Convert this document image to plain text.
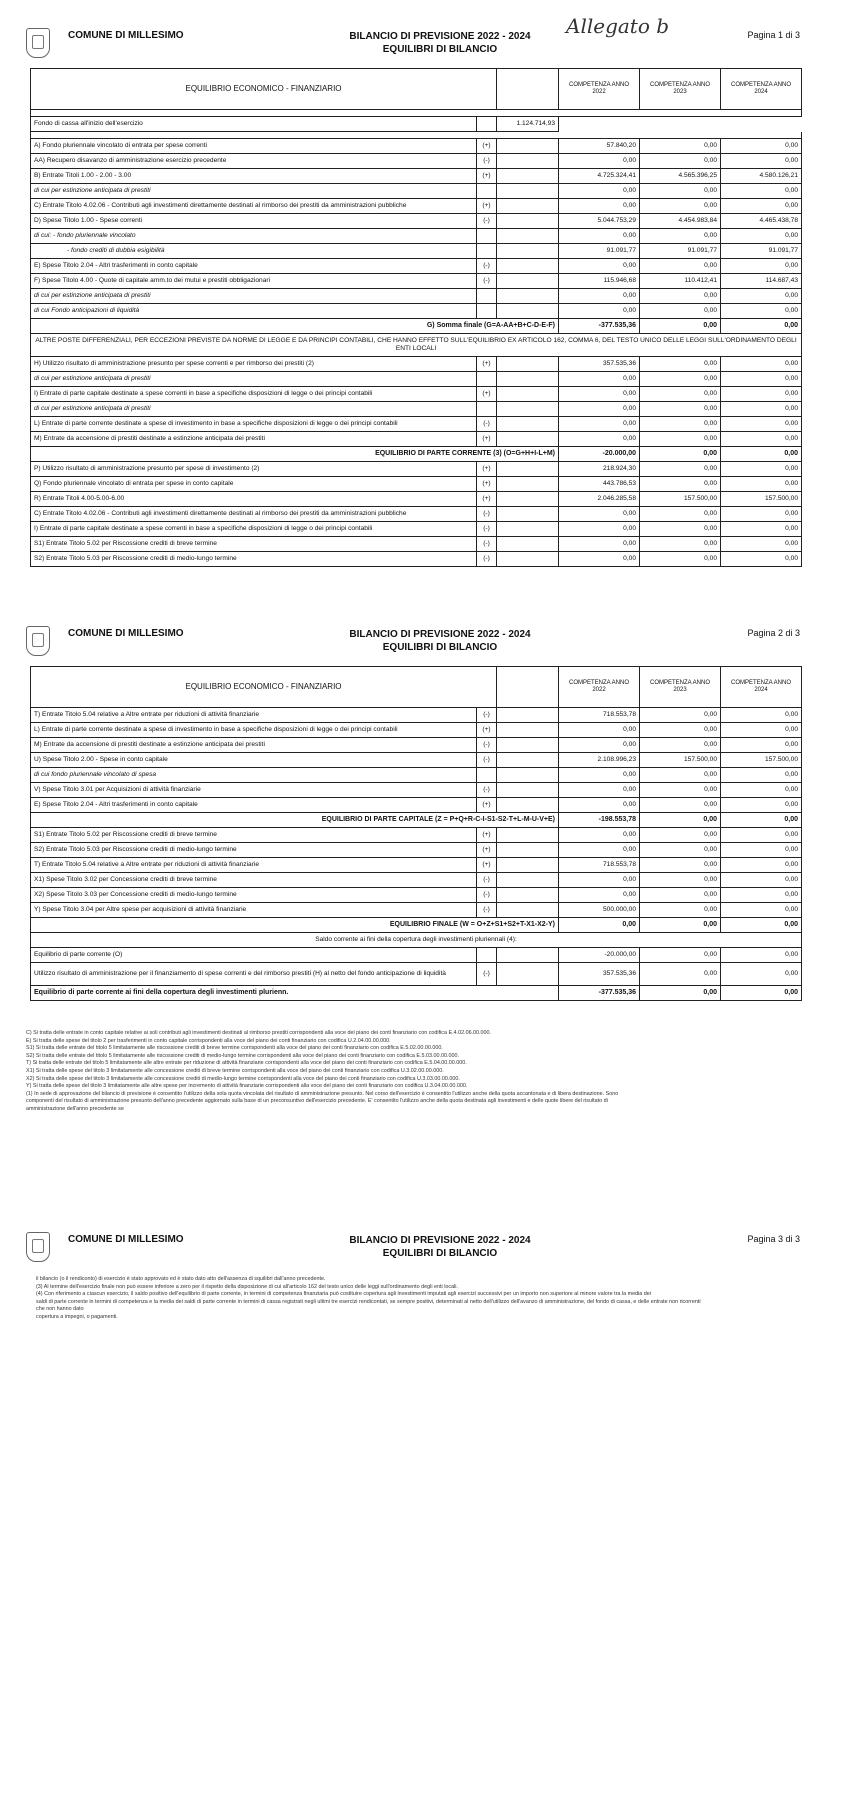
COMUNE DI MILLESIMO	BILANCIO DI PREVISIONE 2022 - 2024
EQUILIBRI DI BILANCIO
Allegato b	Pagina 1 di 3
EQUILIBRIO ECONOMICO - FINANZIARIO			COMPETENZA ANNO 2022	COMPETENZA ANNO 2023	COMPETENZA ANNO 2024

Fondo di cassa all'inizio dell'esercizio		1.124.714,93			

A) Fondo pluriennale vincolato di entrata per spese correnti	(+)		57.840,20	0,00	0,00
AA) Recupero disavanzo di amministrazione esercizio precedente	(-)		0,00	0,00	0,00
B) Entrate Titoli 1.00 - 2.00 - 3.00	(+)		4.725.324,41	4.565.396,25	4.580.126,21
di cui per estinzione anticipata di prestiti			0,00	0,00	0,00
C) Entrate Titolo 4.02.06 - Contributi agli investimenti direttamente destinati al rimborso dei prestiti da amministrazioni pubbliche	(+)		0,00	0,00	0,00
D) Spese Titolo 1.00 - Spese correnti	(-)		5.044.753,29	4.454.983,84	4.465.438,78
di cui: - fondo pluriennale vincolato			0,00	0,00	0,00
- fondo crediti di dubbia esigibilità			91.091,77	91.091,77	91.091,77
E) Spese Titolo 2.04 - Altri trasferimenti in conto capitale	(-)		0,00	0,00	0,00
F) Spese Titolo 4.00 - Quote di capitale amm.to dei mutui e prestiti obbligazionari	(-)		115.946,68	110.412,41	114.687,43
di cui per estinzione anticipata di prestiti			0,00	0,00	0,00
di cui Fondo anticipazioni di liquidità			0,00	0,00	0,00
G) Somma finale (G=A-AA+B+C-D-E-F)			-377.535,36	0,00	0,00
ALTRE POSTE DIFFERENZIALI, PER ECCEZIONI PREVISTE DA NORME DI LEGGE E DA PRINCIPI CONTABILI, CHE HANNO EFFETTO SULL'EQUILIBRIO EX ARTICOLO 162, COMMA 6, DEL TESTO UNICO DELLE LEGGI SULL'ORDINAMENTO DEGLI ENTI LOCALI					
H) Utilizzo risultato di amministrazione presunto per spese correnti e per rimborso dei prestiti (2)	(+)		357.535,36	0,00	0,00
di cui per estinzione anticipata di prestiti			0,00	0,00	0,00
I) Entrate di parte capitale destinate a spese correnti in base a specifiche disposizioni di legge o dei principi contabili	(+)		0,00	0,00	0,00
di cui per estinzione anticipata di prestiti			0,00	0,00	0,00
L) Entrate di parte corrente destinate a spese di investimento in base a specifiche disposizioni di legge o dei principi contabili	(-)		0,00	0,00	0,00
M) Entrate da accensione di prestiti destinate a estinzione anticipata dei prestiti	(+)		0,00	0,00	0,00
EQUILIBRIO DI PARTE CORRENTE (3) (O=G+H+I-L+M)			-20.000,00	0,00	0,00
P) Utilizzo risultato di amministrazione presunto per spese di investimento (2)	(+)		218.924,30	0,00	0,00
Q) Fondo pluriennale vincolato di entrata per spese in conto capitale	(+)		443.786,53	0,00	0,00
R) Entrate Titoli 4.00-5.00-6.00	(+)		2.046.285,58	157.500,00	157.500,00
C) Entrate Titolo 4.02.06 - Contributi agli investimenti direttamente destinati al rimborso dei prestiti da amministrazioni pubbliche	(-)		0,00	0,00	0,00
I) Entrate di parte capitale destinate a spese correnti in base a specifiche disposizioni di legge o dei principi contabili	(-)		0,00	0,00	0,00
S1) Entrate Titolo 5.02 per Riscossione crediti di breve termine	(-)		0,00	0,00	0,00
S2) Entrate Titolo 5.03 per Riscossione crediti di medio-lungo termine	(-)		0,00	0,00	0,00
COMUNE DI MILLESIMO	BILANCIO DI PREVISIONE 2022 - 2024
EQUILIBRI DI BILANCIO
Pagina 2 di 3
EQUILIBRIO ECONOMICO - FINANZIARIO			COMPETENZA ANNO 2022	COMPETENZA ANNO 2023	COMPETENZA ANNO 2024
T) Entrate Titolo 5.04 relative a Altre entrate per riduzioni di attività finanziarie	(-)		718.553,78	0,00	0,00
L) Entrate di parte corrente destinate a spese di investimento in base a specifiche disposizioni di legge o dei principi contabili	(+)		0,00	0,00	0,00
M) Entrate da accensione di prestiti destinate a estinzione anticipata dei prestiti	(-)		0,00	0,00	0,00
U) Spese Titolo 2.00 - Spese in conto capitale	(-)		2.108.996,23	157.500,00	157.500,00
di cui fondo pluriennale vincolato di spesa			0,00	0,00	0,00
V) Spese Titolo 3.01 per Acquisizioni di attività finanziarie	(-)		0,00	0,00	0,00
E) Spese Titolo 2.04 - Altri trasferimenti in conto capitale	(+)		0,00	0,00	0,00
EQUILIBRIO DI PARTE CAPITALE (Z = P+Q+R-C-I-S1-S2-T+L-M-U-V+E)			-198.553,78	0,00	0,00
S1) Entrate Titolo 5.02 per Riscossione crediti di breve termine	(+)		0,00	0,00	0,00
S2) Entrate Titolo 5.03 per Riscossione crediti di medio-lungo termine	(+)		0,00	0,00	0,00
T) Entrate Titolo 5.04 relative a Altre entrate per riduzioni di attività finanziarie	(+)		718.553,78	0,00	0,00
X1) Spese Titolo 3.02 per Concessione crediti di breve termine	(-)		0,00	0,00	0,00
X2) Spese Titolo 3.03 per Concessione crediti di medio-lungo termine	(-)		0,00	0,00	0,00
Y) Spese Titolo 3.04 per Altre spese per acquisizioni di attività finanziarie	(-)		500.000,00	0,00	0,00
EQUILIBRIO FINALE (W = O+Z+S1+S2+T-X1-X2-Y)			0,00	0,00	0,00
Saldo corrente ai fini della copertura degli investimenti pluriennali (4):					
Equilibrio di parte corrente (O)			-20.000,00	0,00	0,00
Utilizzo risultato di amministrazione per il finanziamento di spese correnti e del rimborso prestiti (H) al netto del fondo anticipazione di liquidità	(-)		357.535,36	0,00	0,00
Equilibrio di parte corrente ai fini della copertura degli investimenti plurienn.			-377.535,36	0,00	0,00

C) Si tratta delle entrate in conto capitale relative ai soli contributi agli investimenti destinati al rimborso prestiti corrispondenti alla voce del piano dei conti finanziario con codifica E.4.02.06.00.000.

E) Si tratta delle spese del titolo 2 per trasferimenti in conto capitale corrispondenti alla voce del piano dei conti finanziario con codifica U.2.04.00.00.000.

S1) Si tratta delle entrate del titolo 5 limitatamente alle riscossione crediti di breve termine corrispondenti alla voce del piano dei conti finanziario con codifica E.5.02.00.00.000.

S2) Si tratta delle entrate del titolo 5 limitatamente alle riscossione crediti di medio-lungo termine corrispondenti alla voce del piano dei conti finanziario con codifica E.5.03.00.00.000.

T) Si tratta delle entrate del titolo 5 limitatamente alle altre entrate per riduzione di attività finanziarie corrispondenti alla voce del piano dei conti finanziario con codifica E.5.04.00.00.000.

X1) Si tratta delle spese del titolo 3 limitatamente alle concessione crediti di breve termine corrispondenti alla voce del piano dei conti finanziario con codifica U.3.02.00.00.000.

X2) Si tratta delle spese del titolo 3 limitatamente alle concessione crediti di medio-lungo termine corrispondenti alla voce del piano dei conti finanziario con codifica U.3.03.00.00.000.

Y) Si tratta delle spese del titolo 3 limitatamente alle altre spese per incremento di attività finanziarie corrispondenti alla voce del piano dei conti finanziario con codifica U.3.04.00.00.000.

(1) In sede di approvazione del bilancio di previsione è consentito l'utilizzo della sola quota vincolata del risultato di amministrazione presunto. Nel corso dell'esercizio è consentito l'utilizzo anche della quota accantonata e di libera destinazione. Sono

componenti del risultato di amministrazione presunto dell'anno precedente aggiornato sulla base di un preconsuntivo dell'esercizio precedente. E' consentito l'utilizzo anche della quota destinata agli investimenti e delle quote libere del risultato di

amministrazione dell'anno precedente se

COMUNE DI MILLESIMO	BILANCIO DI PREVISIONE 2022 - 2024
EQUILIBRI DI BILANCIO
Pagina 3 di 3

il bilancio (o il rendiconto) di esercizio è stato approvato ed è stato dato atto dell'assenza di squilibri dall'anno precedente.

(3) Al termine dell'esercizio finale non può essere inferiore a zero per il rispetto della disposizione di cui all'articolo 162 del testo unico delle leggi sull'ordinamento degli enti locali.

(4) Con riferimento a ciascun esercizio, il saldo positivo dell'equilibrio di parte corrente, in termini di competenza finanziaria può costituire copertura agli investimenti imputati agli esercizi successivi per un importo non superiore al minore valore tra la media dei

saldi di parte corrente in termini di competenza e la media dei saldi di parte corrente in termini di cassa registrati negli ultimi tre esercizi rendicontati, se sempre positivi, determinati al netto dell'utilizzo dell'avanzo di amministrazione, del fondo di cassa, e delle entrate non ricorrenti

che non hanno dato

copertura a impegni, o pagamenti.
